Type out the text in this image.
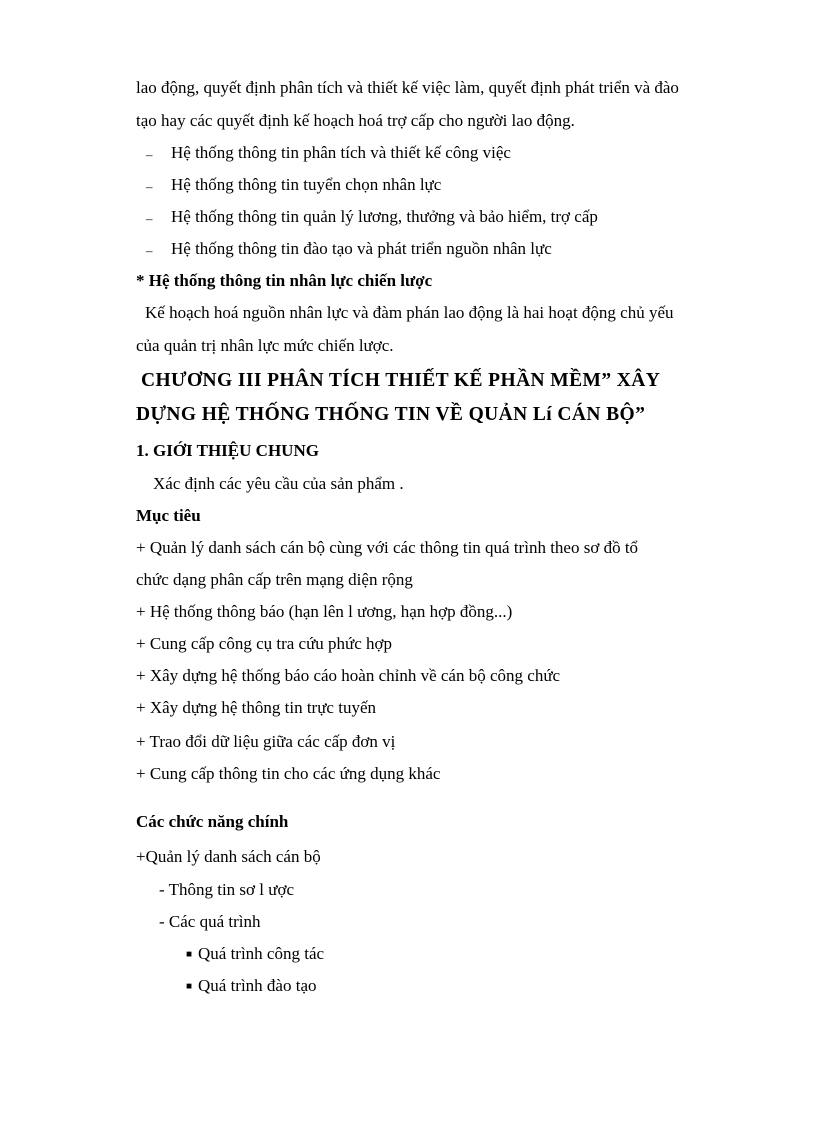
lao động, quyết định phân tích và thiết kế việc làm, quyết định phát triển và đào
tạo hay các quyết định kế hoạch hoá trợ cấp cho người lao động.
– Hệ thống thông tin phân tích và thiết kế công việc
– Hệ thống thông tin tuyển chọn nhân lực
– Hệ thống thông tin quản lý lương, thưởng và bảo hiểm, trợ cấp
– Hệ thống thông tin đào tạo và phát triển nguồn nhân lực
* Hệ thống thông tin nhân lực chiến lược
Kế hoạch hoá nguồn nhân lực và đàm phán lao động là hai hoạt động chủ yếu
của quản trị nhân lực mức chiến lược.
CHƯƠNG III PHÂN TÍCH THIẾT KẾ PHẦN MỀM” XÂY
DỰNG HỆ THỐNG THỐNG TIN VỀ QUẢN Lí CÁN BỘ”
1. GIỚI THIỆU CHUNG
Xác định các yêu cầu của sản phẩm .
Mục tiêu
+ Quản lý danh sách cán bộ cùng với các thông tin quá trình theo sơ đồ tổ
chức dạng phân cấp trên mạng diện rộng
+ Hệ thống thông báo (hạn lên l ương, hạn hợp đồng...)
+ Cung cấp công cụ tra cứu phức hợp
+ Xây dựng hệ thống báo cáo hoàn chỉnh về cán bộ công chức
+ Xây dựng hệ thông tin trực tuyến
+ Trao đổi dữ liệu giữa các cấp đơn vị
+ Cung cấp thông tin cho các ứng dụng khác
Các chức năng chính
+Quản lý danh sách cán bộ
- Thông tin sơ l ược
- Các quá trình
■ Quá trình công tác
■ Quá trình đào tạo
